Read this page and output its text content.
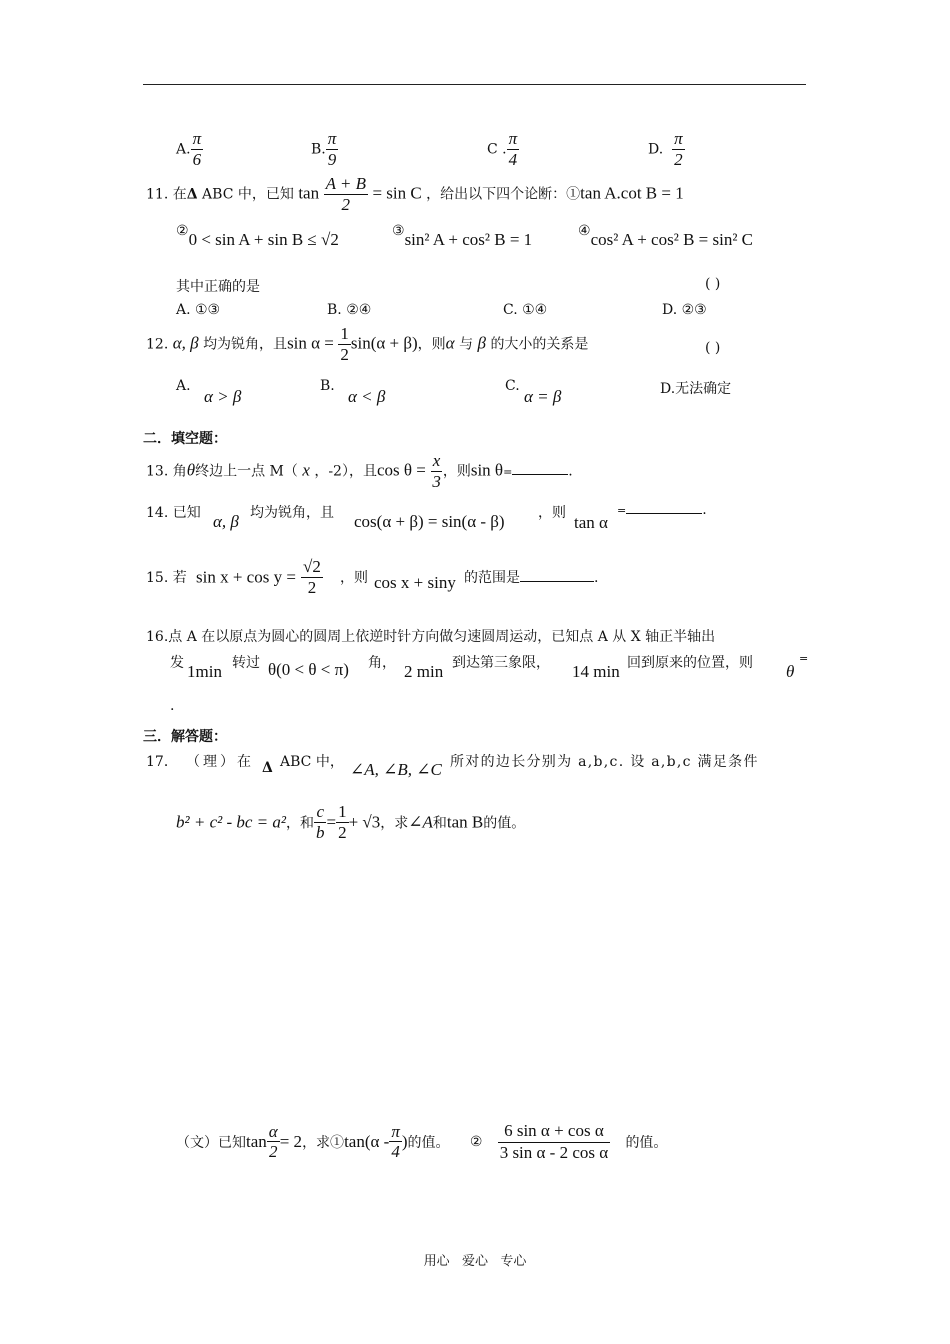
A. $\frac{\pi}{6}$	B. $\frac{\pi}{9}$	C . $\frac{\pi}{4}$	D. $\frac{\pi}{2}$
11. 在Δ ABC 中，已知 $\tan \frac{A + B}{2} = \sin C$ ，给出以下四个论断：①tan A.cot B = 1
②0 < sin A + sin B ≤ √2	③sin² A + cos² B = 1	④cos² A + cos² B = sin² C
其中正确的是	( )
A. ①③	B. ②④	C. ①④	D. ②③
12. α, β 均为锐角，且$\sin \alpha = \frac{1}{2} \sin(\alpha + \beta)$，则α 与 β 的大小的关系是	( )
A.
α > β
B.
α < β
C.
α = β	D.无法确定
二．填空题：
13. 角θ终边上一点 M（ x ，-2），且$\cos \theta = \frac{x}{3}$ ，则sin θ=	.
14. 已知 α, β 均为锐角，且 cos(α + β) = sin(α - β) ，则 tan α
=	.
15. 若 $\sin x + \cos y = \frac{√2}{2}$ ，则 cos x + siny 的范围是	.
16.点 A 在以原点为圆心的圆周上依逆时针方向做匀速圆周运动，已知点 A 从 X 轴正半轴出
发 1min 转过 θ(0 < θ < π) 角， 2 min 到达第三象限， 14 min 回到原来的位置，则 θ
=
.
三．解答题：
17． （理）在 Δ ABC 中， ∠A, ∠B, ∠C 所对的边长分别为 a,b,c. 设 a,b,c 满足条件
b² + c² - bc = a²，和 $\frac{c}{b} = \frac{1}{2} + √3$，求∠A和tan B的值。
（文）已知$\tan \frac{\alpha}{2} = 2$，求①tan(α - $\frac{\pi}{4}$ )的值。 ② $\frac{\text{6 sin α + cos α}}{\text{3 sin α - 2 cos α}}$ 的值。
用心   爱心   专心
